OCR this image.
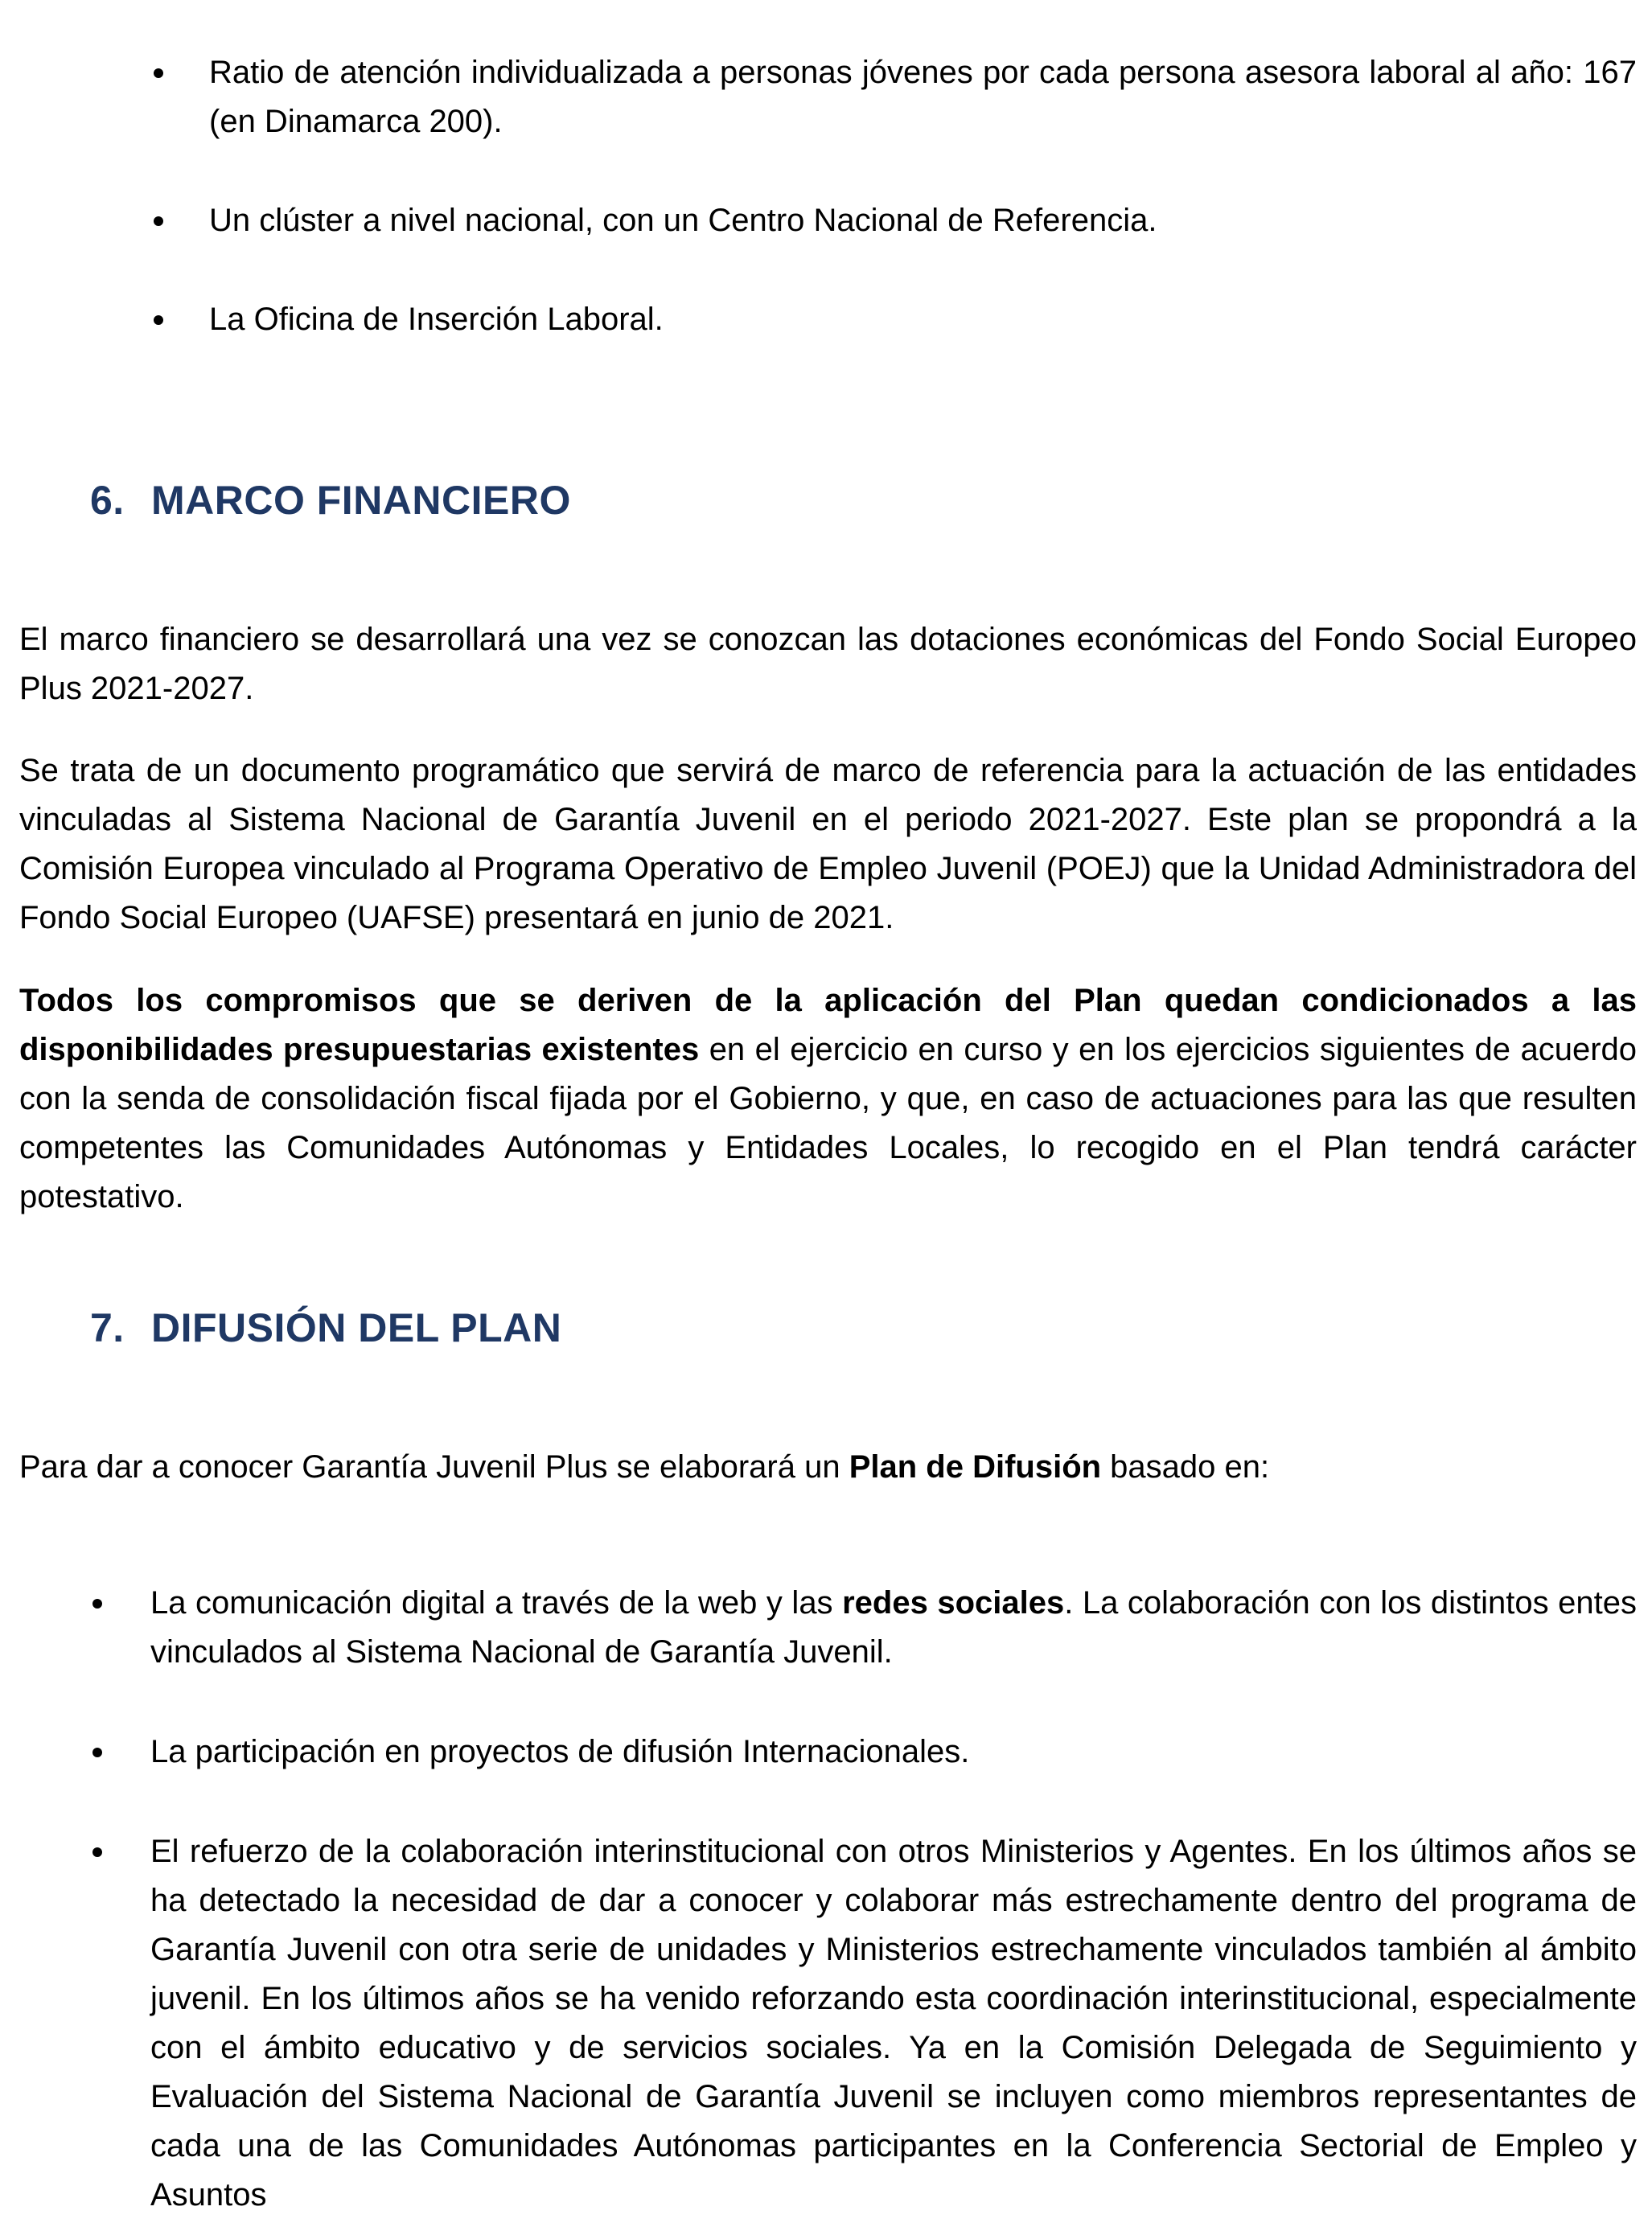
Ratio de atención individualizada a personas jóvenes por cada persona asesora laboral al año: 167 (en Dinamarca 200).
Un clúster a nivel nacional, con un Centro Nacional de Referencia.
La Oficina de Inserción Laboral.
6. MARCO FINANCIERO
El marco financiero se desarrollará una vez se conozcan las dotaciones económicas del Fondo Social Europeo Plus 2021-2027.
Se trata de un documento programático que servirá de marco de referencia para la actuación de las entidades vinculadas al Sistema Nacional de Garantía Juvenil en el periodo 2021-2027. Este plan se propondrá a la Comisión Europea vinculado al Programa Operativo de Empleo Juvenil (POEJ) que la Unidad Administradora del Fondo Social Europeo (UAFSE) presentará en junio de 2021.
Todos los compromisos que se deriven de la aplicación del Plan quedan condicionados a las disponibilidades presupuestarias existentes en el ejercicio en curso y en los ejercicios siguientes de acuerdo con la senda de consolidación fiscal fijada por el Gobierno, y que, en caso de actuaciones para las que resulten competentes las Comunidades Autónomas y Entidades Locales, lo recogido en el Plan tendrá carácter potestativo.
7. DIFUSIÓN DEL PLAN
Para dar a conocer Garantía Juvenil Plus se elaborará un Plan de Difusión basado en:
La comunicación digital a través de la web y las redes sociales. La colaboración con los distintos entes vinculados al Sistema Nacional de Garantía Juvenil.
La participación en proyectos de difusión Internacionales.
El refuerzo de la colaboración interinstitucional con otros Ministerios y Agentes. En los últimos años se ha detectado la necesidad de dar a conocer y colaborar más estrechamente dentro del programa de Garantía Juvenil con otra serie de unidades y Ministerios estrechamente vinculados también al ámbito juvenil. En los últimos años se ha venido reforzando esta coordinación interinstitucional, especialmente con el ámbito educativo y de servicios sociales. Ya en la Comisión Delegada de Seguimiento y Evaluación del Sistema Nacional de Garantía Juvenil se incluyen como miembros representantes de cada una de las Comunidades Autónomas participantes en la Conferencia Sectorial de Empleo y Asuntos
